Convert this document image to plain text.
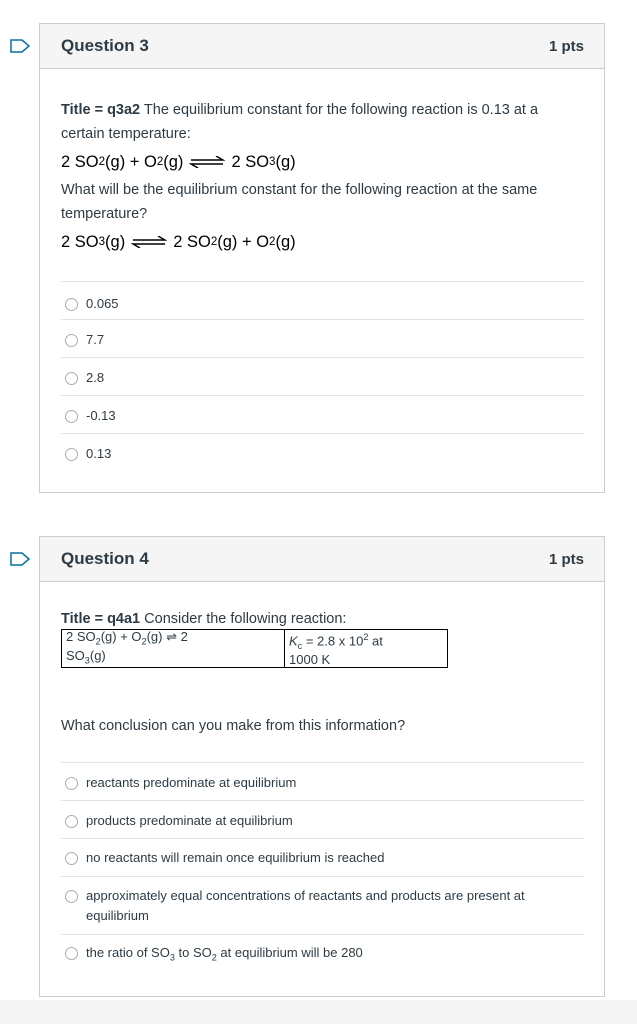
Question 3	1 pts
Title = q3a2 The equilibrium constant for the following reaction is 0.13 at a certain temperature:
2 SO 2 (g) + O 2 (g)	2 SO 3 (g)
What will be the equilibrium constant for the following reaction at the same temperature?
2 SO 3 (g)	2 SO 2 (g) + O 2 (g)
0.065
7.7
2.8
-0.13
0.13
Question 4	1 pts
Title = q4a1 Consider the following reaction:
2 $SO_2(g) + O_2(g)$ ⇌ 2
$SO_3(g)$	$K_c = 2.8$ x $10^2$ at
1000 K
What conclusion can you make from this information?
reactants predominate at equilibrium
products predominate at equilibrium
no reactants will remain once equilibrium is reached
approximately equal concentrations of reactants and products are present at equilibrium
the ratio of $SO_3$ to $SO_2$ at equilibrium will be 280
